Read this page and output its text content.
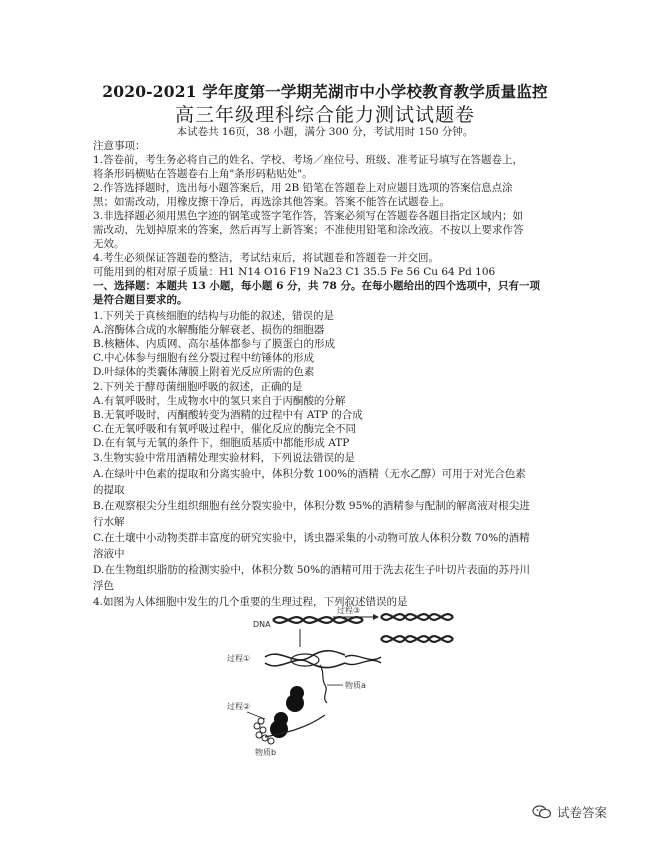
2020-2021 学年度第一学期芜湖市中小学校教育教学质量监控
高三年级理科综合能力测试试题卷
本试卷共 16页，38 小题，满分 300 分，考试用时 150 分钟。
注意事项：
1.答卷前，考生务必将自己的姓名、学校、考场／座位号、班级、准考证号填写在答题卷上，
将条形码横贴在答题卷右上角"条形码粘贴处"。
2.作答选择题时，选出每小题答案后，用 2B 铅笔在答题卷上对应题目选项的答案信息点涂
黑；如需改动，用橡皮擦干净后，再选涂其他答案。答案不能答在试题卷上。
3.非选择题必须用黑色字迹的钢笔或签字笔作答，答案必须写在答题卷各题目指定区域内；如
需改动，先划掉原来的答案，然后再写上新答案；不准使用铅笔和涂改液。不按以上要求作答
无效。
4.考生必须保证答题卷的整洁，考试结束后，将试题卷和答题卷一并交回。
可能用到的相对原子质量：H1 N14 O16 F19 Na23 C1 35.5 Fe 56 Cu 64 Pd 106
一、选择题：本题共 13 小题，每小题 6 分，共 78 分。在每小题给出的四个选项中，只有一项
是符合题目要求的。
1.下列关于真核细胞的结构与功能的叙述，错误的是
A.溶酶体合成的水解酶能分解衰老、损伤的细胞器
B.核糖体、内质网、高尔基体都参与了膜蛋白的形成
C.中心体参与细胞有丝分裂过程中纺锤体的形成
D.叶绿体的类囊体薄膜上附着光反应所需的色素
2.下列关于酵母菌细胞呼吸的叙述，正确的是
A.有氧呼吸时，生成物水中的氢只来自于丙酮酸的分解
B.无氧呼吸时，丙酮酸转变为酒精的过程中有 ATP 的合成
C.在无氧呼吸和有氧呼吸过程中，催化反应的酶完全不同
D.在有氧与无氧的条件下，细胞质基质中都能形成 ATP
3.生物实验中常用酒精处理实验材料，下列说法错误的是
A.在绿叶中色素的提取和分离实验中，体积分数 100%的酒精（无水乙醇）可用于对光合色素
的提取
B.在观察根尖分生组织细胞有丝分裂实验中，体积分数 95%的酒精参与配制的解离液对根尖进
行水解
C.在土壤中小动物类群丰富度的研究实验中，诱虫器采集的小动物可放人体积分数 70%的酒精
溶液中
D.在生物组织脂肪的检测实验中，体积分数 50%的酒精可用于洗去花生子叶切片表面的苏丹川
浮色
4.如图为人体细胞中发生的几个重要的生理过程，下列叙述错误的是
DNA
过程③
过程①
物质a
过程②
物质b
试卷答案
